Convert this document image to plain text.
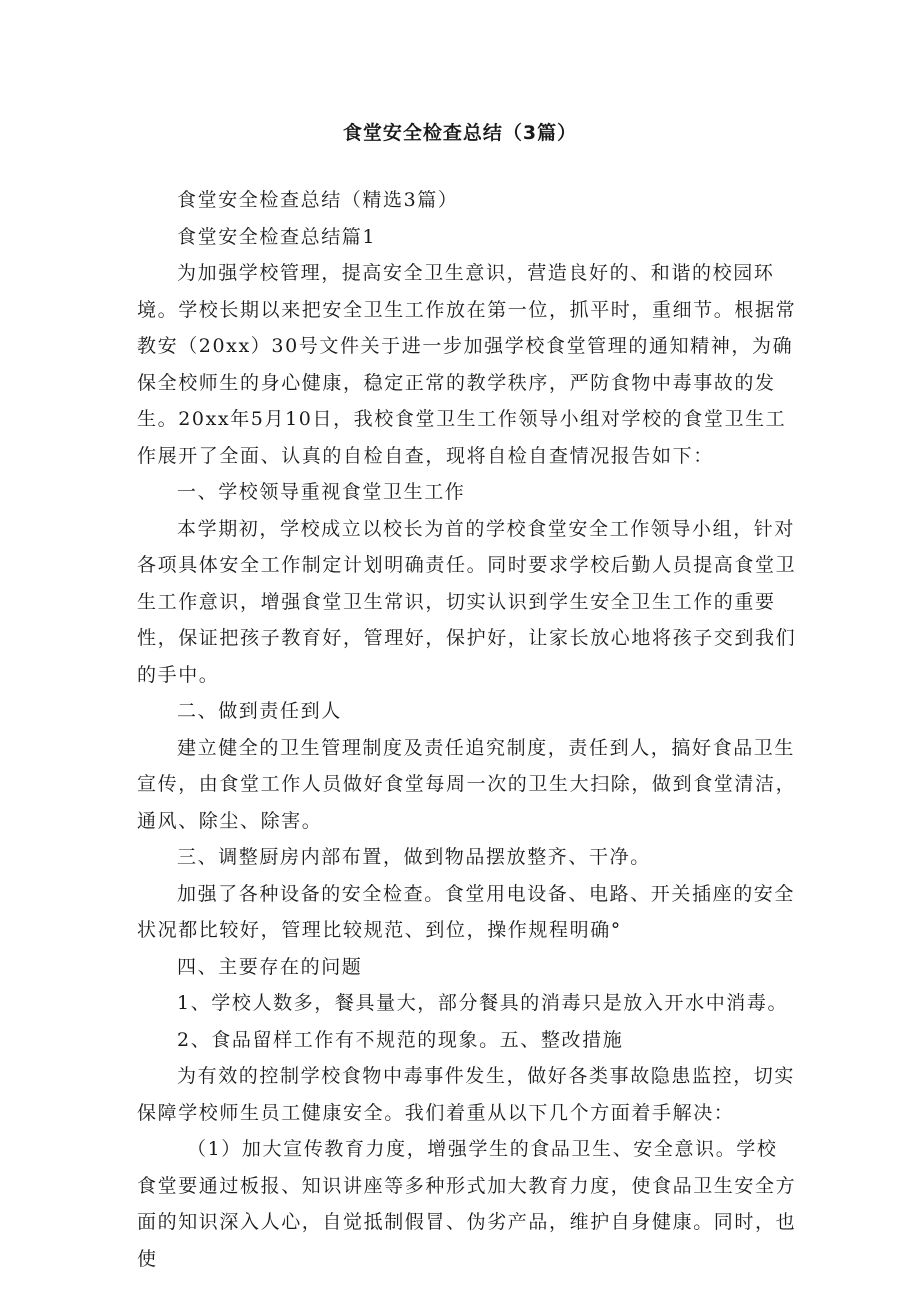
食堂安全检查总结（3篇）

食堂安全检查总结（精选3篇）

食堂安全检查总结篇1

为加强学校管理，提高安全卫生意识，营造良好的、和谐的校园环境。学校长期以来把安全卫生工作放在第一位，抓平时，重细节。根据常教安（20xx）30号文件关于进一步加强学校食堂管理的通知精神，为确保全校师生的身心健康，稳定正常的教学秩序，严防食物中毒事故的发生。20xx年5月10日，我校食堂卫生工作领导小组对学校的食堂卫生工作展开了全面、认真的自检自查，现将自检自查情况报告如下：

一、学校领导重视食堂卫生工作

本学期初，学校成立以校长为首的学校食堂安全工作领导小组，针对各项具体安全工作制定计划明确责任。同时要求学校后勤人员提高食堂卫生工作意识，增强食堂卫生常识，切实认识到学生安全卫生工作的重要性，保证把孩子教育好，管理好，保护好，让家长放心地将孩子交到我们的手中。

二、做到责任到人

建立健全的卫生管理制度及责任追究制度，责任到人，搞好食品卫生宣传，由食堂工作人员做好食堂每周一次的卫生大扫除，做到食堂清洁，通风、除尘、除害。

三、调整厨房内部布置，做到物品摆放整齐、干净。

加强了各种设备的安全检查。食堂用电设备、电路、开关插座的安全状况都比较好，管理比较规范、到位，操作规程明确°

四、主要存在的问题

1、学校人数多，餐具量大，部分餐具的消毒只是放入开水中消毒。

2、食品留样工作有不规范的现象。五、整改措施

为有效的控制学校食物中毒事件发生，做好各类事故隐患监控，切实保障学校师生员工健康安全。我们着重从以下几个方面着手解决：

（1）加大宣传教育力度，增强学生的食品卫生、安全意识。学校食堂要通过板报、知识讲座等多种形式加大教育力度，使食品卫生安全方面的知识深入人心，自觉抵制假冒、伪劣产品，维护自身健康。同时，也使
